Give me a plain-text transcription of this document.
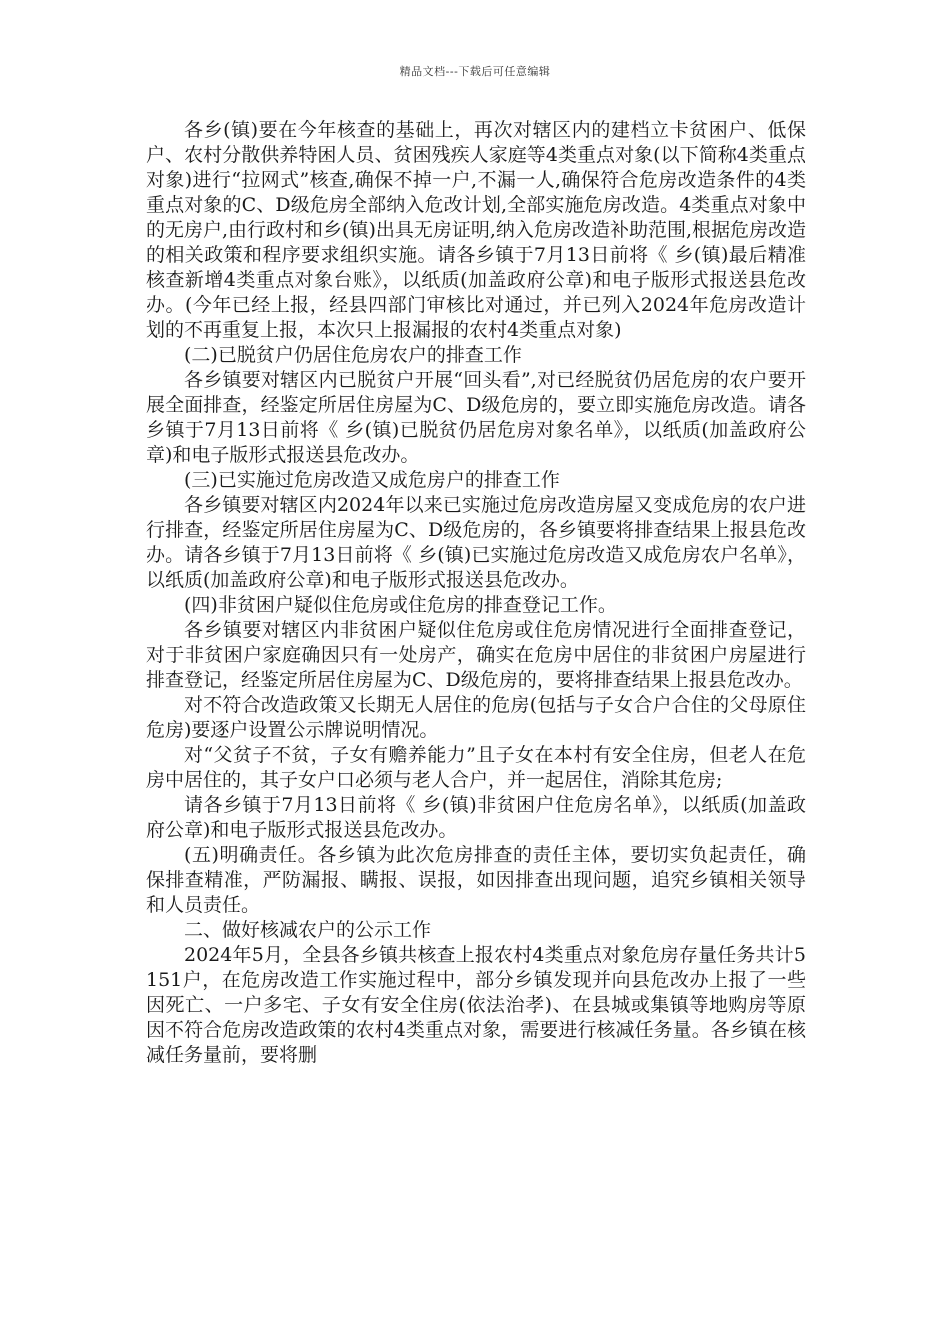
精品文档---下载后可任意编辑

各乡(镇)要在今年核查的基础上，再次对辖区内的建档立卡贫困户、低保户、农村分散供养特困人员、贫困残疾人家庭等4类重点对象(以下简称4类重点对象)进行“拉网式”核查,确保不掉一户,不漏一人,确保符合危房改造条件的4类重点对象的C、D级危房全部纳入危改计划,全部实施危房改造。4类重点对象中的无房户,由行政村和乡(镇)出具无房证明,纳入危房改造补助范围,根据危房改造的相关政策和程序要求组织实施。请各乡镇于7月13日前将《 乡(镇)最后精准核查新增4类重点对象台账》，以纸质(加盖政府公章)和电子版形式报送县危改办。(今年已经上报，经县四部门审核比对通过，并已列入2024年危房改造计划的不再重复上报，本次只上报漏报的农村4类重点对象)

(二)已脱贫户仍居住危房农户的排查工作

各乡镇要对辖区内已脱贫户开展“回头看”,对已经脱贫仍居危房的农户要开展全面排查，经鉴定所居住房屋为C、D级危房的，要立即实施危房改造。请各乡镇于7月13日前将《 乡(镇)已脱贫仍居危房对象名单》，以纸质(加盖政府公章)和电子版形式报送县危改办。

(三)已实施过危房改造又成危房户的排查工作

各乡镇要对辖区内2024年以来已实施过危房改造房屋又变成危房的农户进行排查，经鉴定所居住房屋为C、D级危房的，各乡镇要将排查结果上报县危改办。请各乡镇于7月13日前将《 乡(镇)已实施过危房改造又成危房农户名单》，以纸质(加盖政府公章)和电子版形式报送县危改办。

(四)非贫困户疑似住危房或住危房的排查登记工作。

各乡镇要对辖区内非贫困户疑似住危房或住危房情况进行全面排查登记，对于非贫困户家庭确因只有一处房产，确实在危房中居住的非贫困户房屋进行排查登记，经鉴定所居住房屋为C、D级危房的，要将排查结果上报县危改办。

对不符合改造政策又长期无人居住的危房(包括与子女合户合住的父母原住危房)要逐户设置公示牌说明情况。

对“父贫子不贫，子女有赡养能力”且子女在本村有安全住房，但老人在危房中居住的，其子女户口必须与老人合户，并一起居住，消除其危房;

请各乡镇于7月13日前将《 乡(镇)非贫困户住危房名单》，以纸质(加盖政府公章)和电子版形式报送县危改办。

(五)明确责任。各乡镇为此次危房排查的责任主体，要切实负起责任，确保排查精准，严防漏报、瞒报、误报，如因排查出现问题，追究乡镇相关领导和人员责任。

二、做好核减农户的公示工作

2024年5月，全县各乡镇共核查上报农村4类重点对象危房存量任务共计5151户，在危房改造工作实施过程中，部分乡镇发现并向县危改办上报了一些因死亡、一户多宅、子女有安全住房(依法治孝)、在县城或集镇等地购房等原因不符合危房改造政策的农村4类重点对象，需要进行核减任务量。各乡镇在核减任务量前，要将删
